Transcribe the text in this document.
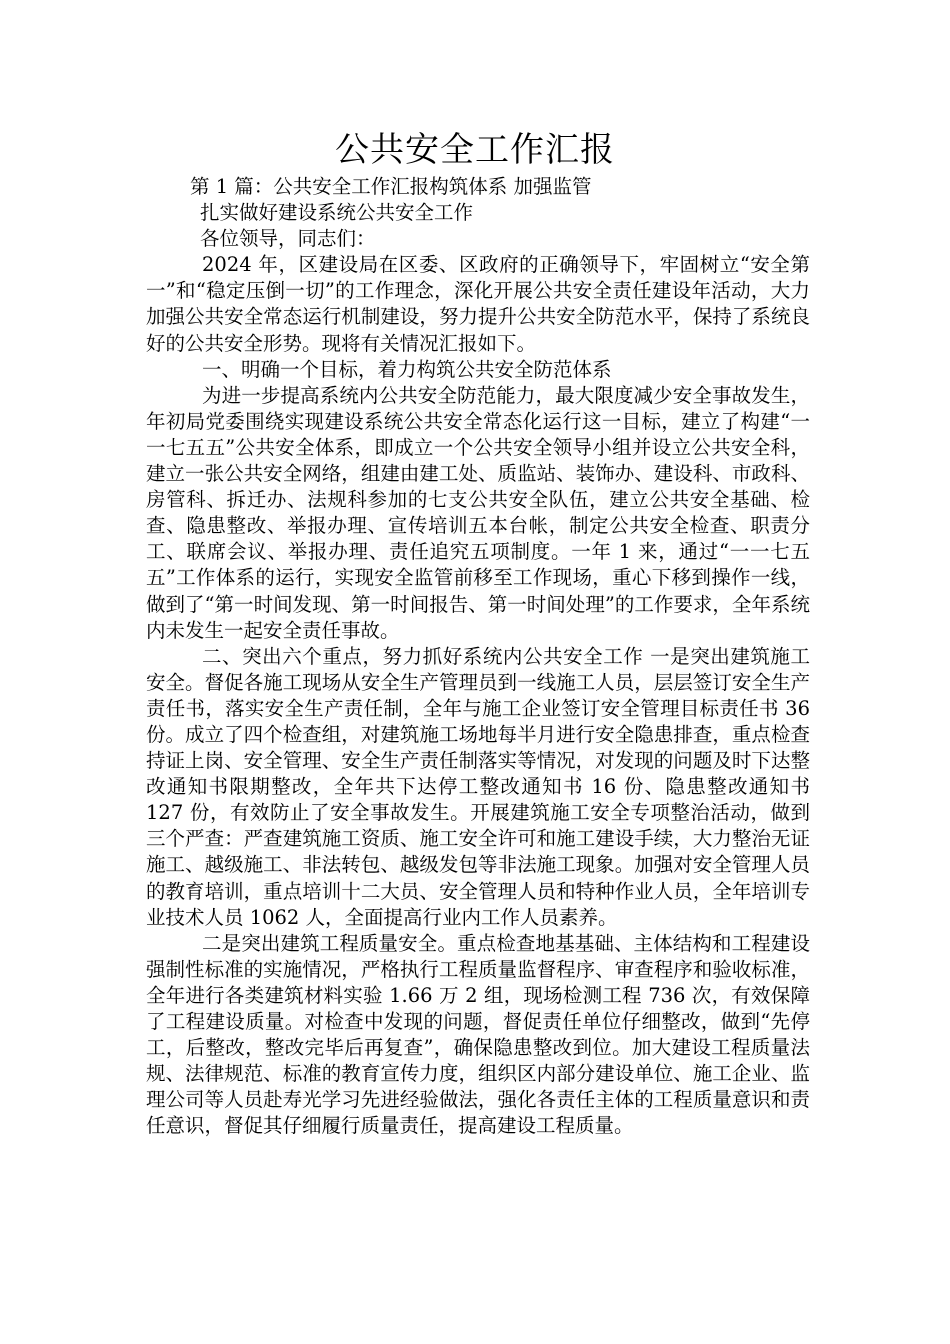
公共安全工作汇报

第 1 篇：公共安全工作汇报构筑体系 加强监管

扎实做好建设系统公共安全工作

各位领导，同志们：

2024 年，区建设局在区委、区政府的正确领导下，牢固树立“安全第一”和“稳定压倒一切”的工作理念，深化开展公共安全责任建设年活动，大力加强公共安全常态运行机制建设，努力提升公共安全防范水平，保持了系统良好的公共安全形势。现将有关情况汇报如下。

一、明确一个目标，着力构筑公共安全防范体系

为进一步提高系统内公共安全防范能力，最大限度减少安全事故发生，年初局党委围绕实现建设系统公共安全常态化运行这一目标，建立了构建“一一七五五”公共安全体系，即成立一个公共安全领导小组并设立公共安全科，建立一张公共安全网络，组建由建工处、质监站、装饰办、建设科、市政科、房管科、拆迁办、法规科参加的七支公共安全队伍，建立公共安全基础、检查、隐患整改、举报办理、宣传培训五本台帐，制定公共安全检查、职责分工、联席会议、举报办理、责任追究五项制度。一年 1 来，通过“一一七五五”工作体系的运行，实现安全监管前移至工作现场，重心下移到操作一线，做到了“第一时间发现、第一时间报告、第一时间处理”的工作要求，全年系统内未发生一起安全责任事故。

二、突出六个重点，努力抓好系统内公共安全工作 一是突出建筑施工安全。督促各施工现场从安全生产管理员到一线施工人员，层层签订安全生产责任书，落实安全生产责任制，全年与施工企业签订安全管理目标责任书 36 份。成立了四个检查组，对建筑施工场地每半月进行安全隐患排查，重点检查持证上岗、安全管理、安全生产责任制落实等情况，对发现的问题及时下达整改通知书限期整改，全年共下达停工整改通知书 16 份、隐患整改通知书 127 份，有效防止了安全事故发生。开展建筑施工安全专项整治活动，做到三个严查：严查建筑施工资质、施工安全许可和施工建设手续，大力整治无证施工、越级施工、非法转包、越级发包等非法施工现象。加强对安全管理人员的教育培训，重点培训十二大员、安全管理人员和特种作业人员，全年培训专业技术人员 1062 人，全面提高行业内工作人员素养。

二是突出建筑工程质量安全。重点检查地基基础、主体结构和工程建设强制性标准的实施情况，严格执行工程质量监督程序、审查程序和验收标准，全年进行各类建筑材料实验 1.66 万 2 组，现场检测工程 736 次，有效保障了工程建设质量。对检查中发现的问题，督促责任单位仔细整改，做到“先停工，后整改，整改完毕后再复查”，确保隐患整改到位。加大建设工程质量法规、法律规范、标准的教育宣传力度，组织区内部分建设单位、施工企业、监理公司等人员赴寿光学习先进经验做法，强化各责任主体的工程质量意识和责任意识，督促其仔细履行质量责任，提高建设工程质量。
